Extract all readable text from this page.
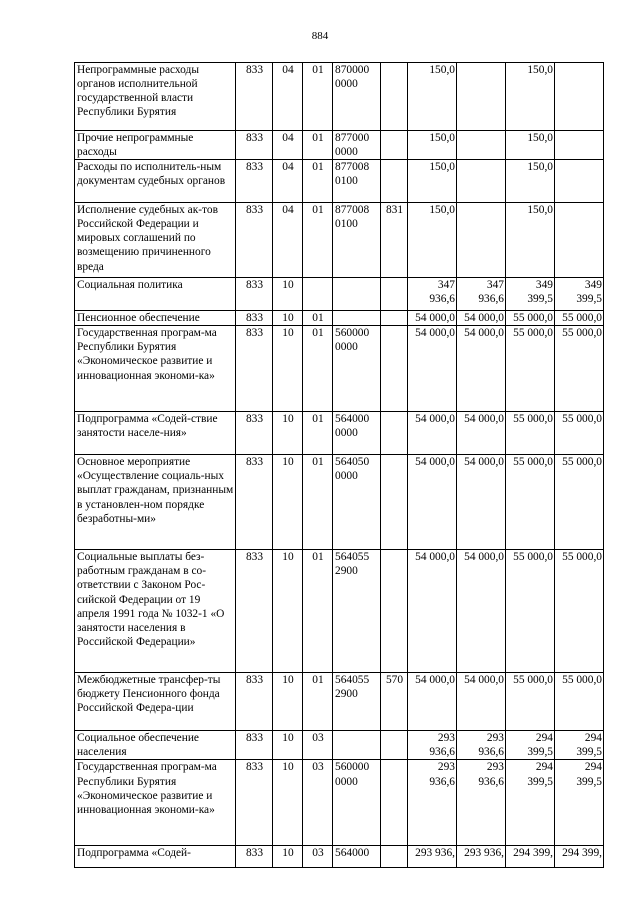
884
Непрограммные расходы органов исполнительной государственной власти Республики Бурятия	833	04	01	870000 0000		150,0		150,0	
Прочие непрограммные расходы	833	04	01	877000 0000		150,0		150,0	
Расходы по исполнитель-ным документам судебных органов	833	04	01	877008 0100		150,0		150,0	
Исполнение судебных ак-тов Российской Федерации и мировых соглашений по возмещению причиненного вреда	833	04	01	877008 0100	831	150,0		150,0	
Социальная политика	833	10				347 936,6	347 936,6	349 399,5	349 399,5
Пенсионное обеспечение	833	10	01			54 000,0	54 000,0	55 000,0	55 000,0
Государственная програм-ма Республики Бурятия «Экономическое развитие и инновационная экономи-ка»	833	10	01	560000 0000		54 000,0	54 000,0	55 000,0	55 000,0
Подпрограмма «Содей-ствие занятости населе-ния»	833	10	01	564000 0000		54 000,0	54 000,0	55 000,0	55 000,0
Основное мероприятие «Осуществление социаль-ных выплат гражданам, признанным в установлен-ном порядке безработны-ми»	833	10	01	564050 0000		54 000,0	54 000,0	55 000,0	55 000,0
Социальные выплаты без-работным гражданам в со-ответствии с Законом Рос-сийской Федерации от 19 апреля 1991 года № 1032-1 «О занятости населения в Российской Федерации»	833	10	01	564055 2900		54 000,0	54 000,0	55 000,0	55 000,0
Межбюджетные трансфер-ты бюджету Пенсионного фонда Российской Федера-ции	833	10	01	564055 2900	570	54 000,0	54 000,0	55 000,0	55 000,0
Социальное обеспечение населения	833	10	03			293 936,6	293 936,6	294 399,5	294 399,5
Государственная програм-ма Республики Бурятия «Экономическое развитие и инновационная экономи-ка»	833	10	03	560000 0000		293 936,6	293 936,6	294 399,5	294 399,5
Подпрограмма «Содей-	833	10	03	564000		293 936,	293 936,	294 399,	294 399,
